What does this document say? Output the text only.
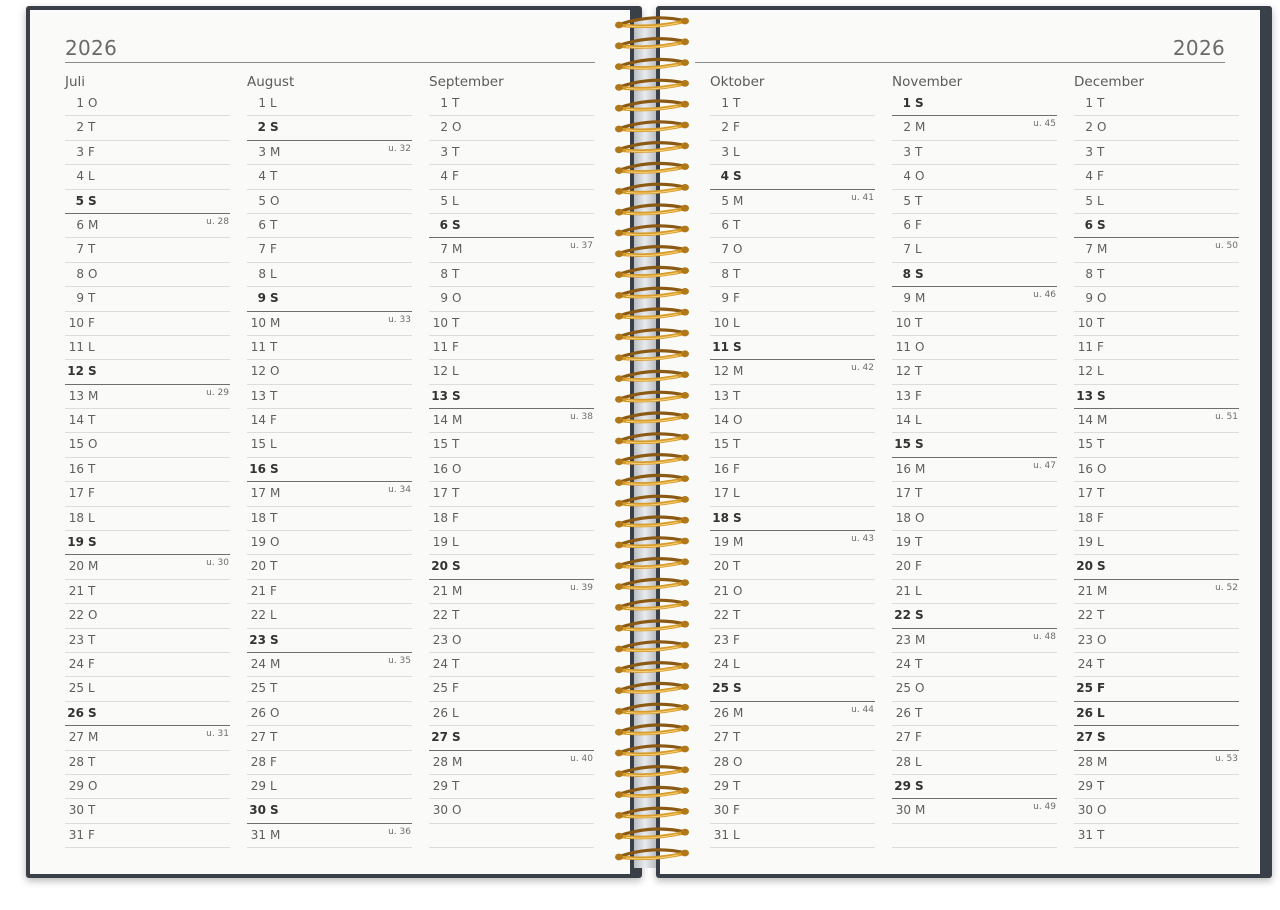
2026
Juli
1 O
2 T
3 F
4 L
5 S
6 M	u. 28
7 T
8 O
9 T
10 F
11 L
12 S
13 M	u. 29
14 T
15 O
16 T
17 F
18 L
19 S
20 M	u. 30
21 T
22 O
23 T
24 F
25 L
26 S
27 M	u. 31
28 T
29 O
30 T
31 F
August
1 L
2 S
3 M	u. 32
4 T
5 O
6 T
7 F
8 L
9 S
10 M	u. 33
11 T
12 O
13 T
14 F
15 L
16 S
17 M	u. 34
18 T
19 O
20 T
21 F
22 L
23 S
24 M	u. 35
25 T
26 O
27 T
28 F
29 L
30 S
31 M	u. 36
September
1 T
2 O
3 T
4 F
5 L
6 S
7 M	u. 37
8 T
9 O
10 T
11 F
12 L
13 S
14 M	u. 38
15 T
16 O
17 T
18 F
19 L
20 S
21 M	u. 39
22 T
23 O
24 T
25 F
26 L
27 S
28 M	u. 40
29 T
30 O
2026
Oktober
1 T
2 F
3 L
4 S
5 M	u. 41
6 T
7 O
8 T
9 F
10 L
11 S
12 M	u. 42
13 T
14 O
15 T
16 F
17 L
18 S
19 M	u. 43
20 T
21 O
22 T
23 F
24 L
25 S
26 M	u. 44
27 T
28 O
29 T
30 F
31 L
November
1 S
2 M	u. 45
3 T
4 O
5 T
6 F
7 L
8 S
9 M	u. 46
10 T
11 O
12 T
13 F
14 L
15 S
16 M	u. 47
17 T
18 O
19 T
20 F
21 L
22 S
23 M	u. 48
24 T
25 O
26 T
27 F
28 L
29 S
30 M	u. 49
December
1 T
2 O
3 T
4 F
5 L
6 S
7 M	u. 50
8 T
9 O
10 T
11 F
12 L
13 S
14 M	u. 51
15 T
16 O
17 T
18 F
19 L
20 S
21 M	u. 52
22 T
23 O
24 T
25 F
26 L
27 S
28 M	u. 53
29 T
30 O
31 T
